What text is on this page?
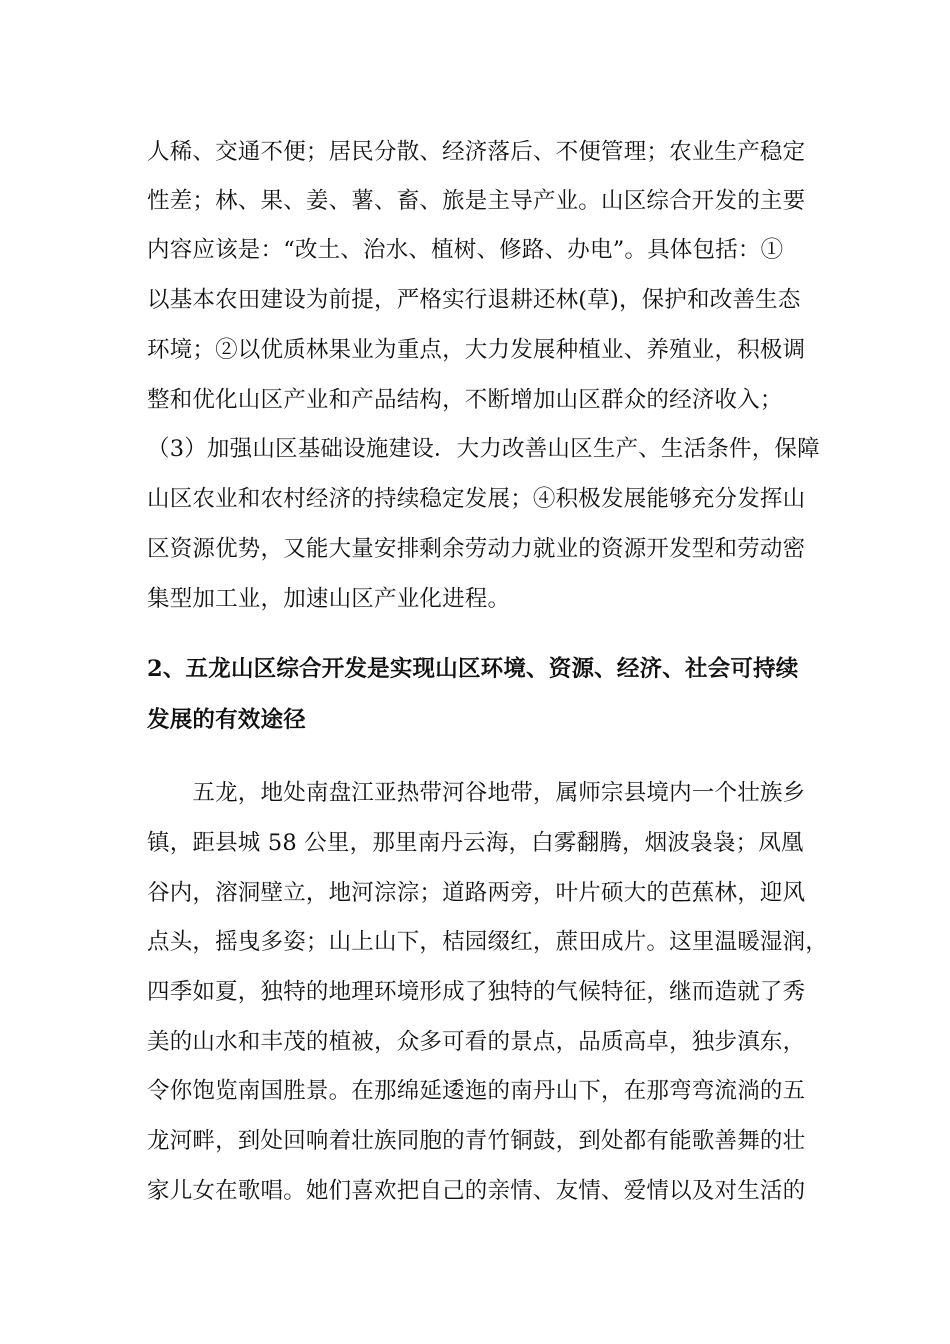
人稀、交通不便；居民分散、经济落后、不便管理；农业生产稳定
性差；林、果、姜、薯、畜、旅是主导产业。山区综合开发的主要
内容应该是：“改土、治水、植树、修路、办电”。具体包括：①
以基本农田建设为前提，严格实行退耕还林(草)，保护和改善生态
环境；②以优质林果业为重点，大力发展种植业、养殖业，积极调
整和优化山区产业和产品结构，不断增加山区群众的经济收入；
（3）加强山区基础设施建设．大力改善山区生产、生活条件，保障
山区农业和农村经济的持续稳定发展；④积极发展能够充分发挥山
区资源优势，又能大量安排剩余劳动力就业的资源开发型和劳动密
集型加工业，加速山区产业化进程。
2、五龙山区综合开发是实现山区环境、资源、经济、社会可持续
发展的有效途径
　　五龙，地处南盘江亚热带河谷地带，属师宗县境内一个壮族乡
镇，距县城 58 公里，那里南丹云海，白雾翻腾，烟波袅袅；凤凰
谷内，溶洞壁立，地河淙淙；道路两旁，叶片硕大的芭蕉林，迎风
点头，摇曳多姿；山上山下，桔园缀红，蔗田成片。这里温暖湿润，
四季如夏，独特的地理环境形成了独特的气候特征，继而造就了秀
美的山水和丰茂的植被，众多可看的景点，品质高卓，独步滇东，
令你饱览南国胜景。在那绵延逶迤的南丹山下，在那弯弯流淌的五
龙河畔，到处回响着壮族同胞的青竹铜鼓，到处都有能歌善舞的壮
家儿女在歌唱。她们喜欢把自己的亲情、友情、爱情以及对生活的
